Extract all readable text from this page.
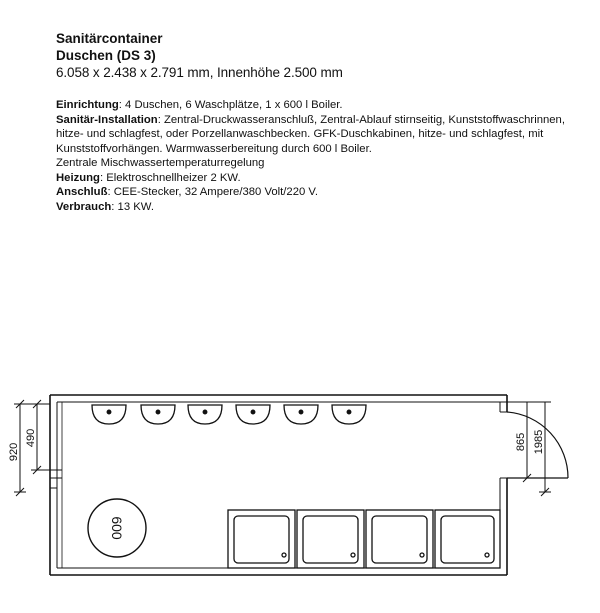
Sanitärcontainer
Duschen (DS 3)
6.058 x 2.438 x 2.791 mm, Innenhöhe 2.500 mm

Einrichtung: 4 Duschen, 6 Waschplätze, 1 x 600 l Boiler.

Sanitär-Installation: Zentral-Druckwasseranschluß, Zentral-Ablauf stirnseitig, Kunststoffwaschrinnen, hitze- und schlagfest, oder Porzellanwaschbecken. GFK-Duschkabinen, hitze- und schlagfest, mit Kunststoffvorhängen. Warmwasserbereitung durch 600 l Boiler.

Zentrale Mischwassertemperaturregelung

Heizung: Elektroschnellheizer 2 KW.

Anschluß: CEE-Stecker, 32 Ampere/380 Volt/220 V.

Verbrauch: 13 KW.

600
920
490	865 1985
